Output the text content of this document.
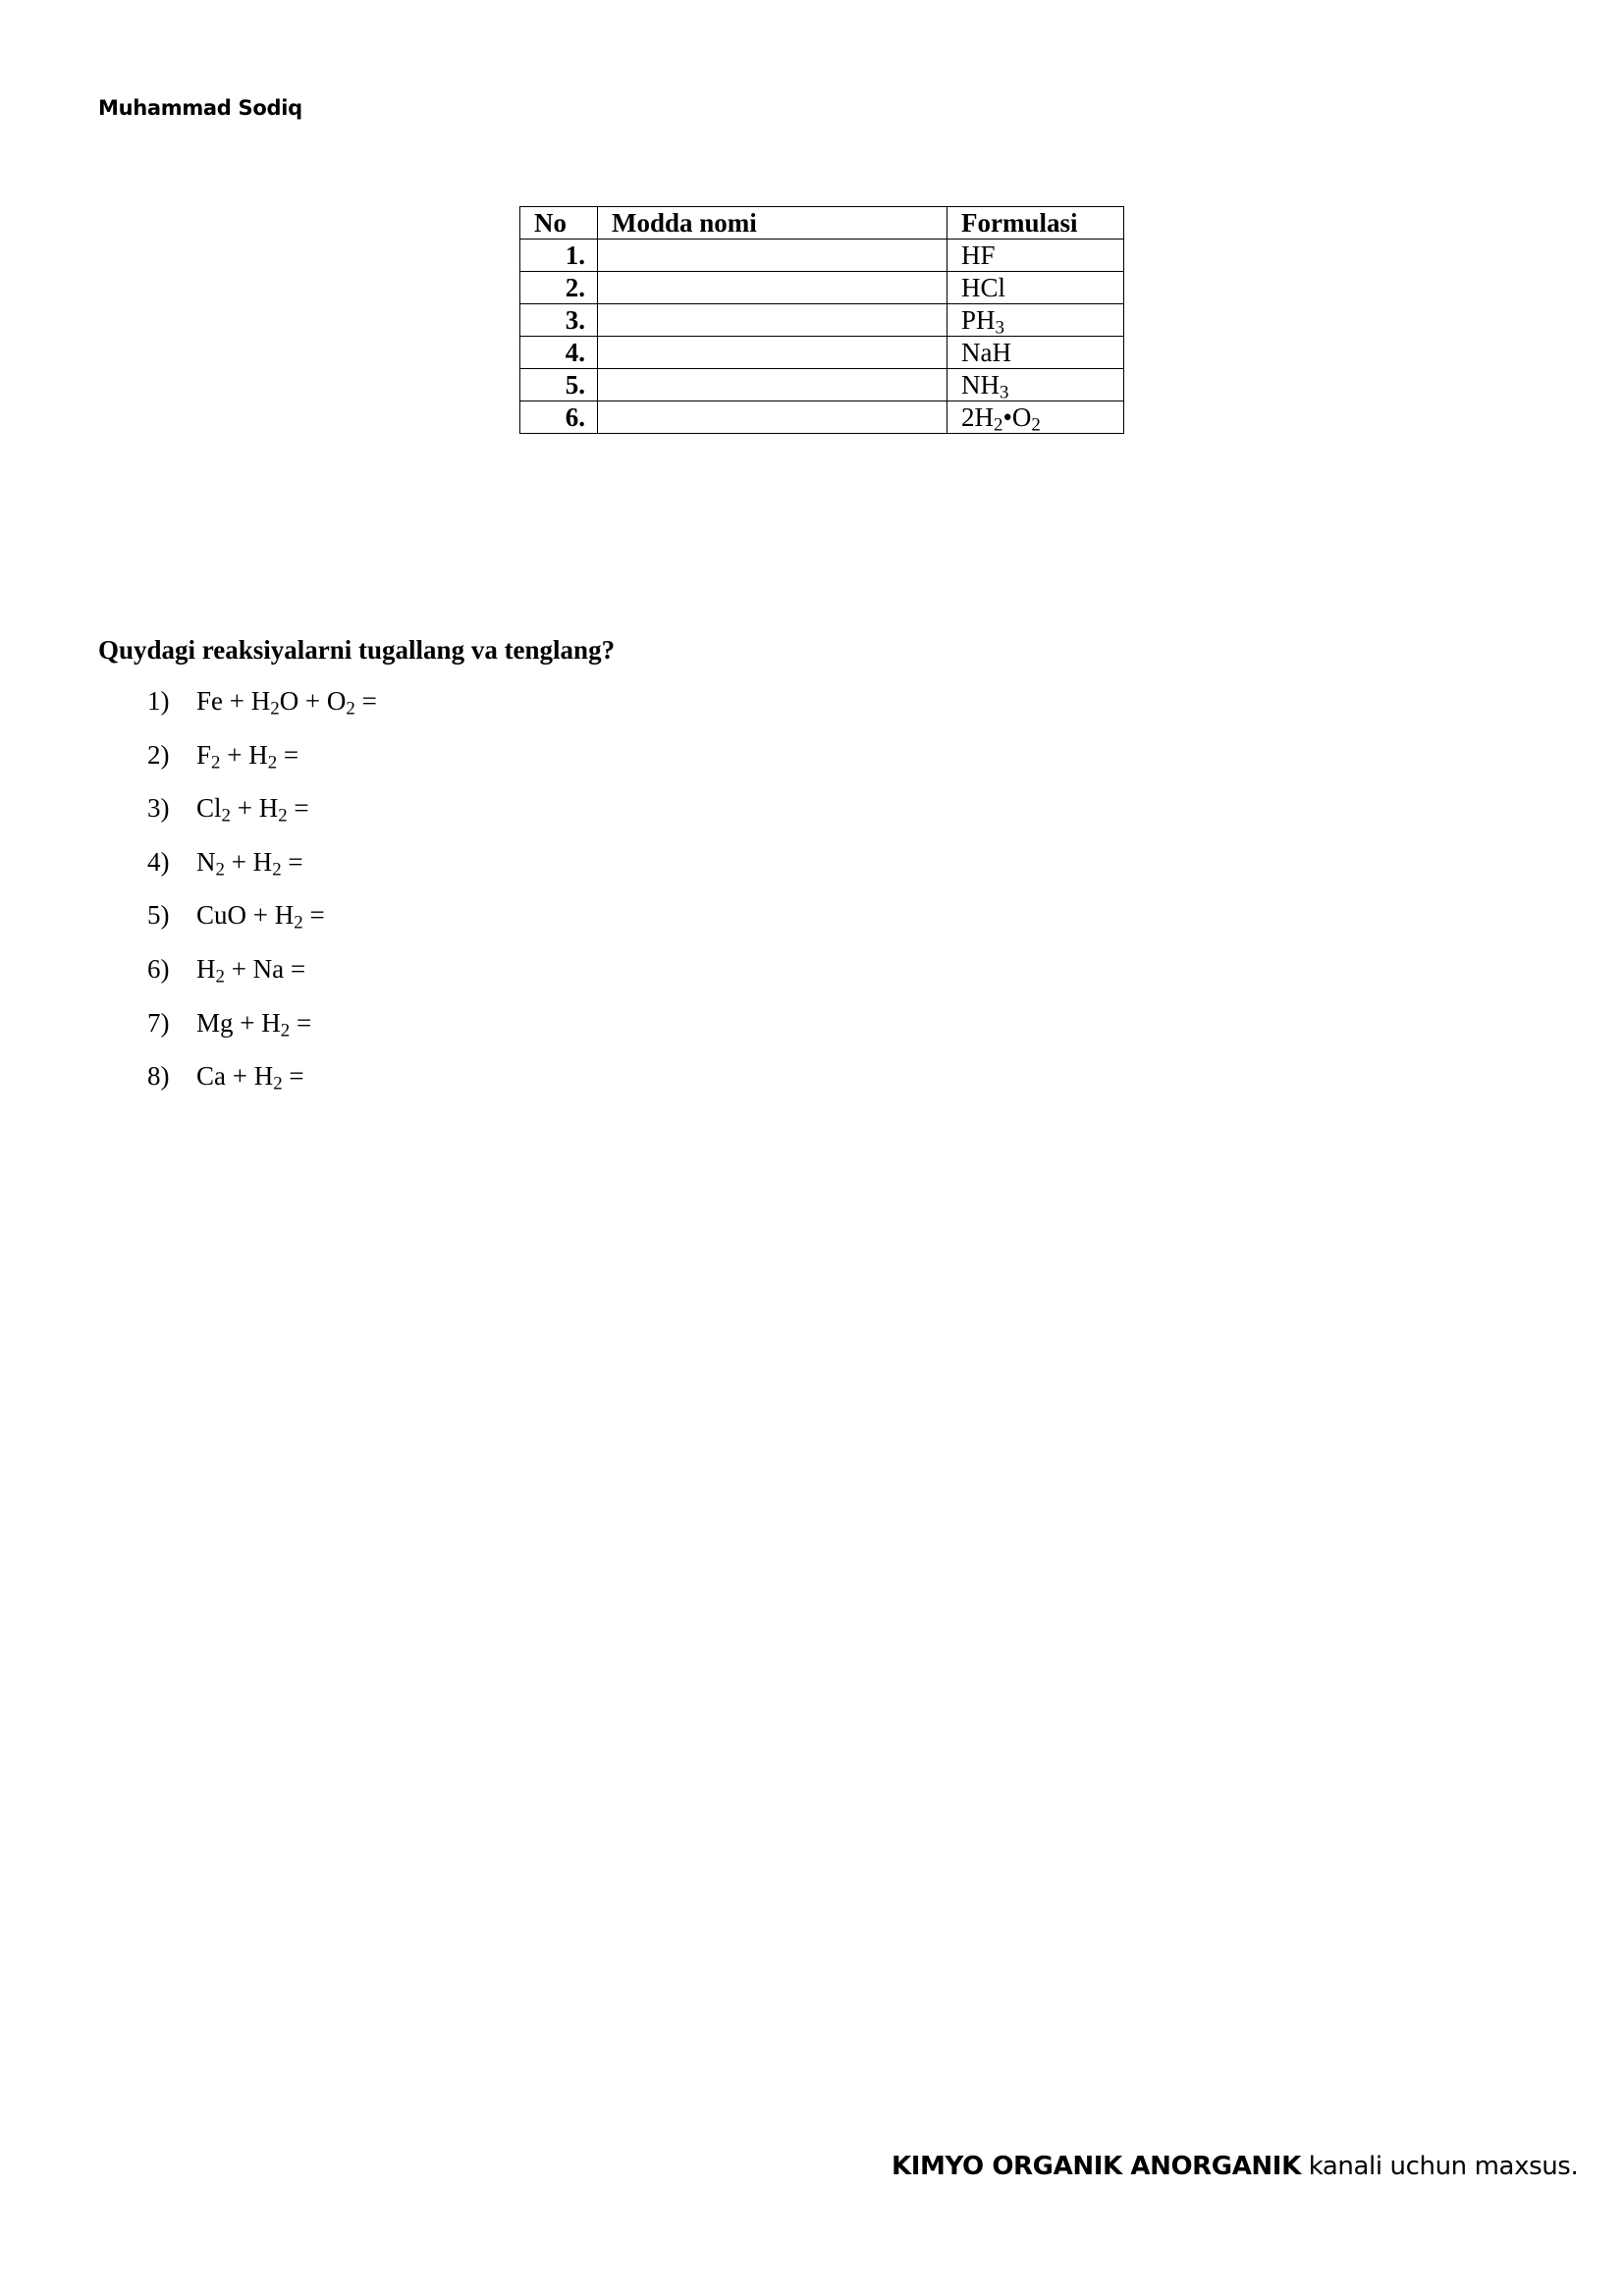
Muhammad Sodiq
No	Modda nomi	Formulasi
1.		HF
2.		HCl
3.		$PH_3$
4.		NaH
5.		$NH_3$
6.		$2H_2•O_2$
Quydagi reaksiyalarni tugallang va tenglang?
1)	$Fe + H_2O + O_2$ =
2)	$F_2 + H_2$ =
3)	$Cl_2 + H_2$ =
4)	$N_2 + H_2$ =
5)	CuO + $H_2$ =
6)	$H_2 + Na$ =
7)	$Mg + H_2$ =
8)	$Ca + H_2$ =
KIMYO ORGANIK ANORGANIK kanali uchun maxsus.
